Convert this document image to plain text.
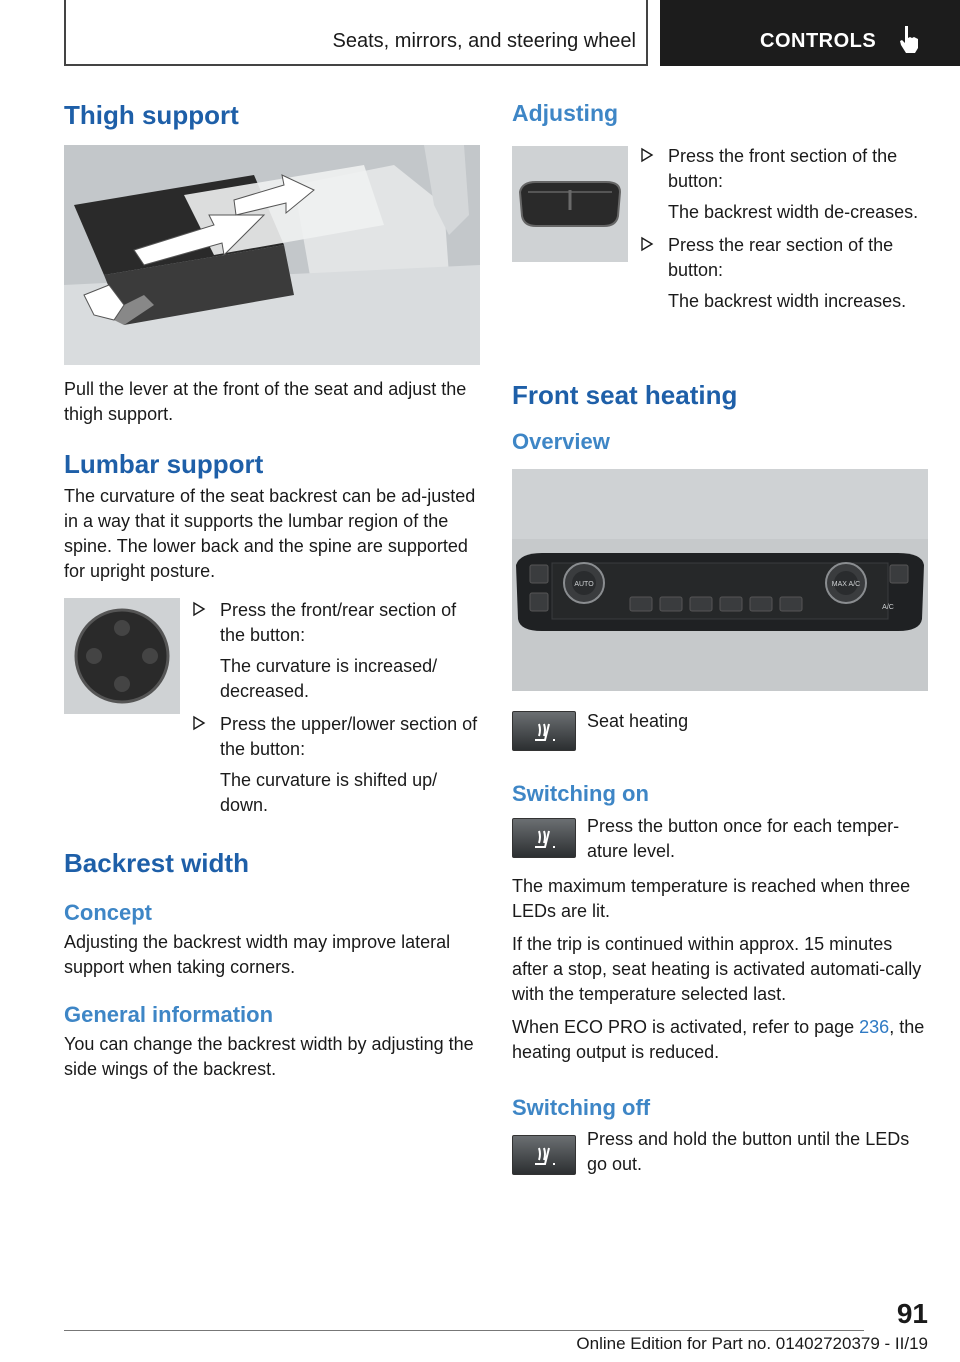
Seats, mirrors, and steering wheel	CONTROLS
Thigh support

Pull the lever at the front of the seat and adjust the thigh support.

Lumbar support

The curvature of the seat backrest can be ad‐justed in a way that it supports the lumbar region of the spine. The lower back and the spine are supported for upright posture.

Press the front/rear section of the button:

The curvature is increased/ decreased.

Press the upper/lower section of the button:

The curvature is shifted up/ down.

Backrest width
Concept

Adjusting the backrest width may improve lateral support when taking corners.

General information

You can change the backrest width by adjusting the side wings of the backrest.

Adjusting

Press the front section of the button:

The backrest width de‐creases.

Press the rear section of the button:

The backrest width increases.

Front seat heating
Overview
AUTO	MAX A/C
A/C

Seat heating

Switching on

Press the button once for each temper‐ature level.

The maximum temperature is reached when three LEDs are lit.

If the trip is continued within approx. 15 minutes after a stop, seat heating is activated automati‐cally with the temperature selected last.

When ECO PRO is activated, refer to page 236, the heating output is reduced.

Switching off

Press and hold the button until the LEDs go out.

91
Online Edition for Part no. 01402720379 - II/19
